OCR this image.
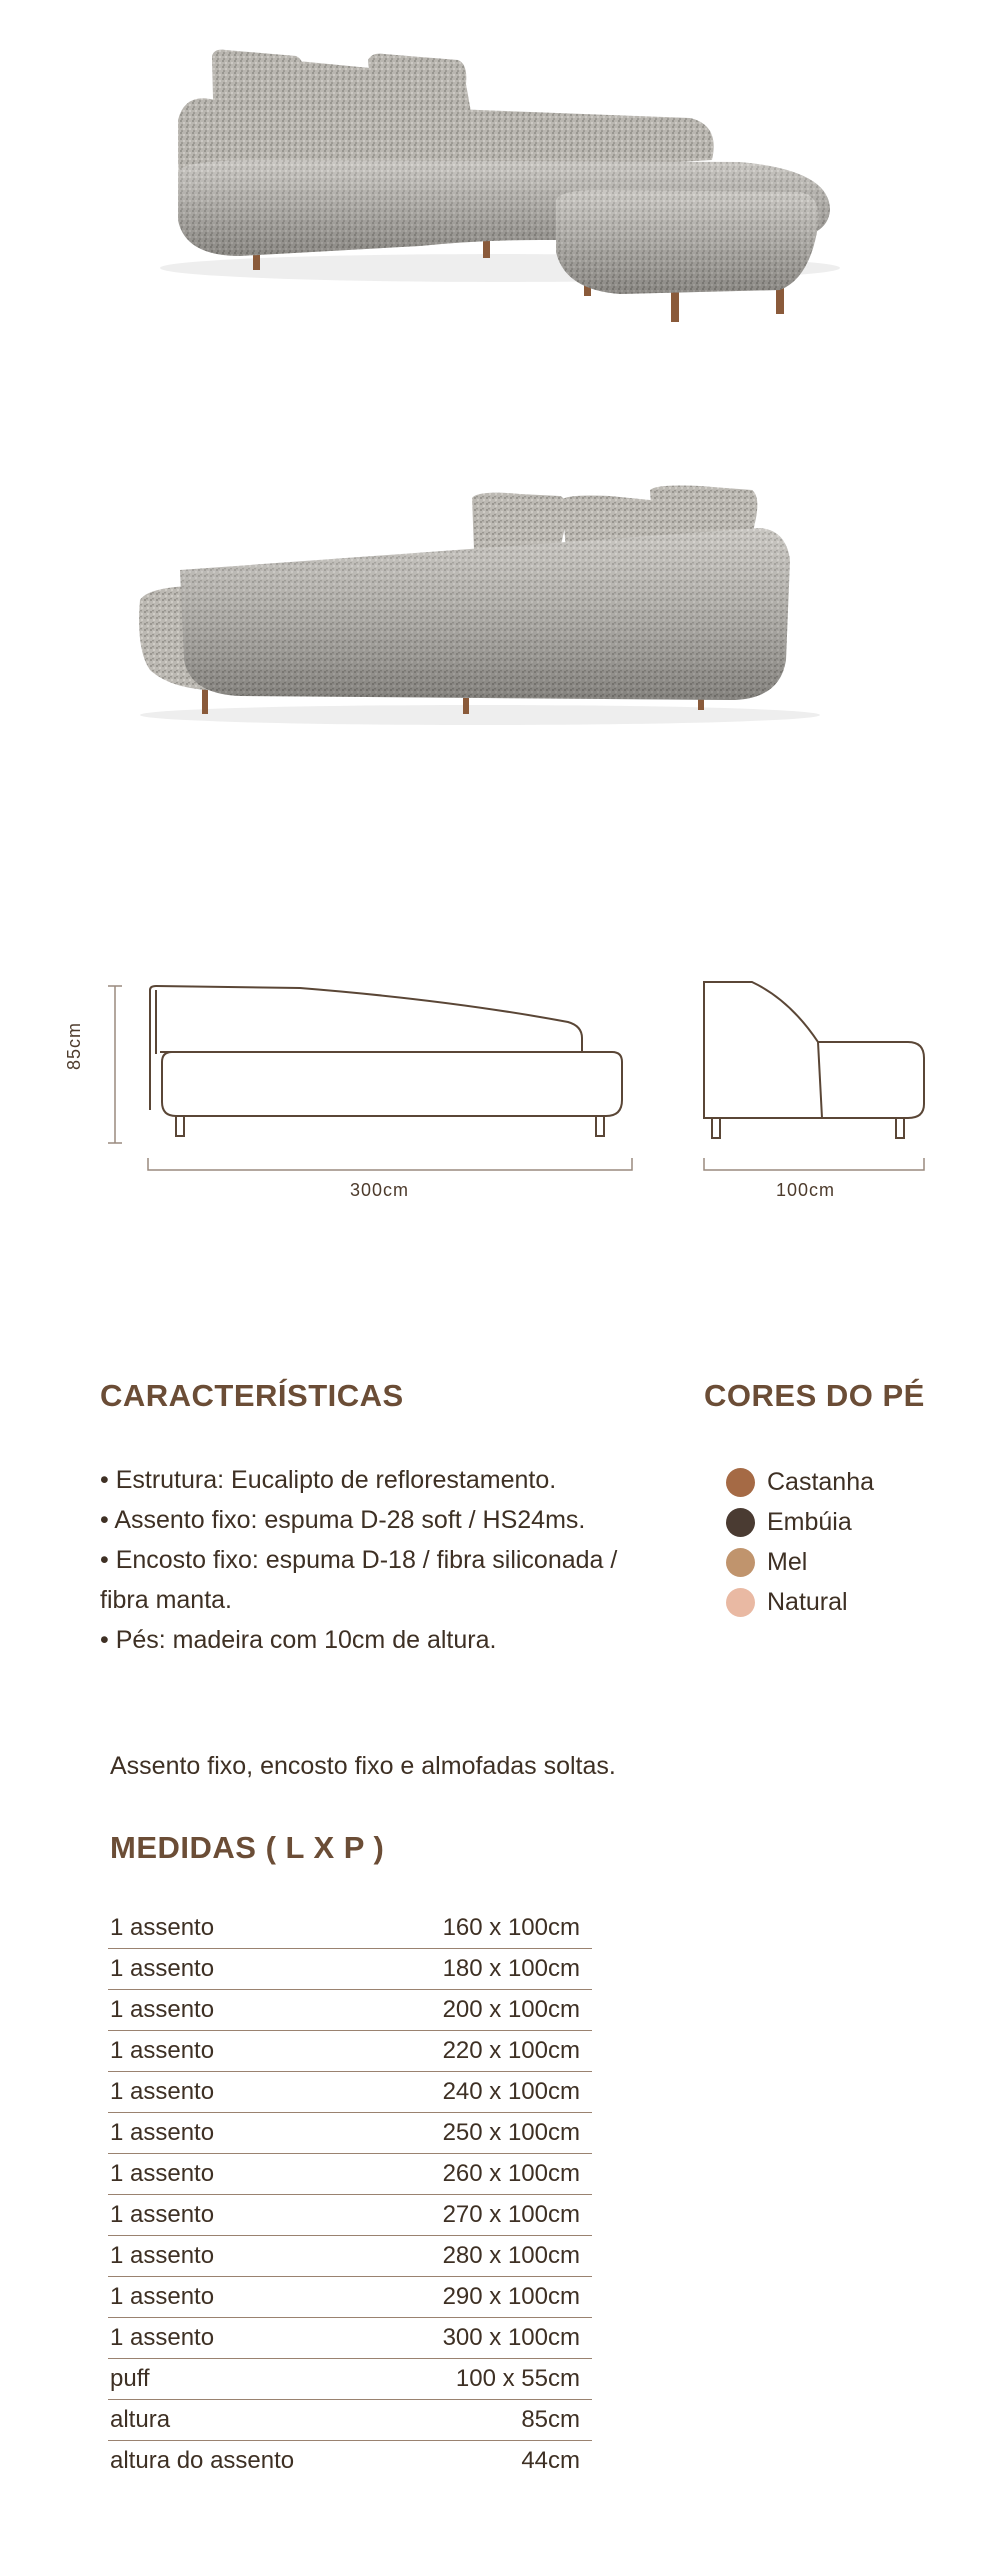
85cm
300cm	100cm
CARACTERÍSTICAS
• Estrutura: Eucalipto de reflorestamento.
• Assento fixo: espuma D-28 soft / HS24ms.
• Encosto fixo: espuma D-18 / fibra siliconada /
fibra manta.
• Pés: madeira com 10cm de altura.
CORES DO PÉ
Castanha
Embúia
Mel
Natural
Assento fixo, encosto fixo e almofadas soltas.
MEDIDAS ( L X P )
1 assento	160 x 100cm
1 assento	180 x 100cm
1 assento	200 x 100cm
1 assento	220 x 100cm
1 assento	240 x 100cm
1 assento	250 x 100cm
1 assento	260 x 100cm
1 assento	270 x 100cm
1 assento	280 x 100cm
1 assento	290 x 100cm
1 assento	300 x 100cm
puff	100 x 55cm
altura	85cm
altura do assento	44cm
